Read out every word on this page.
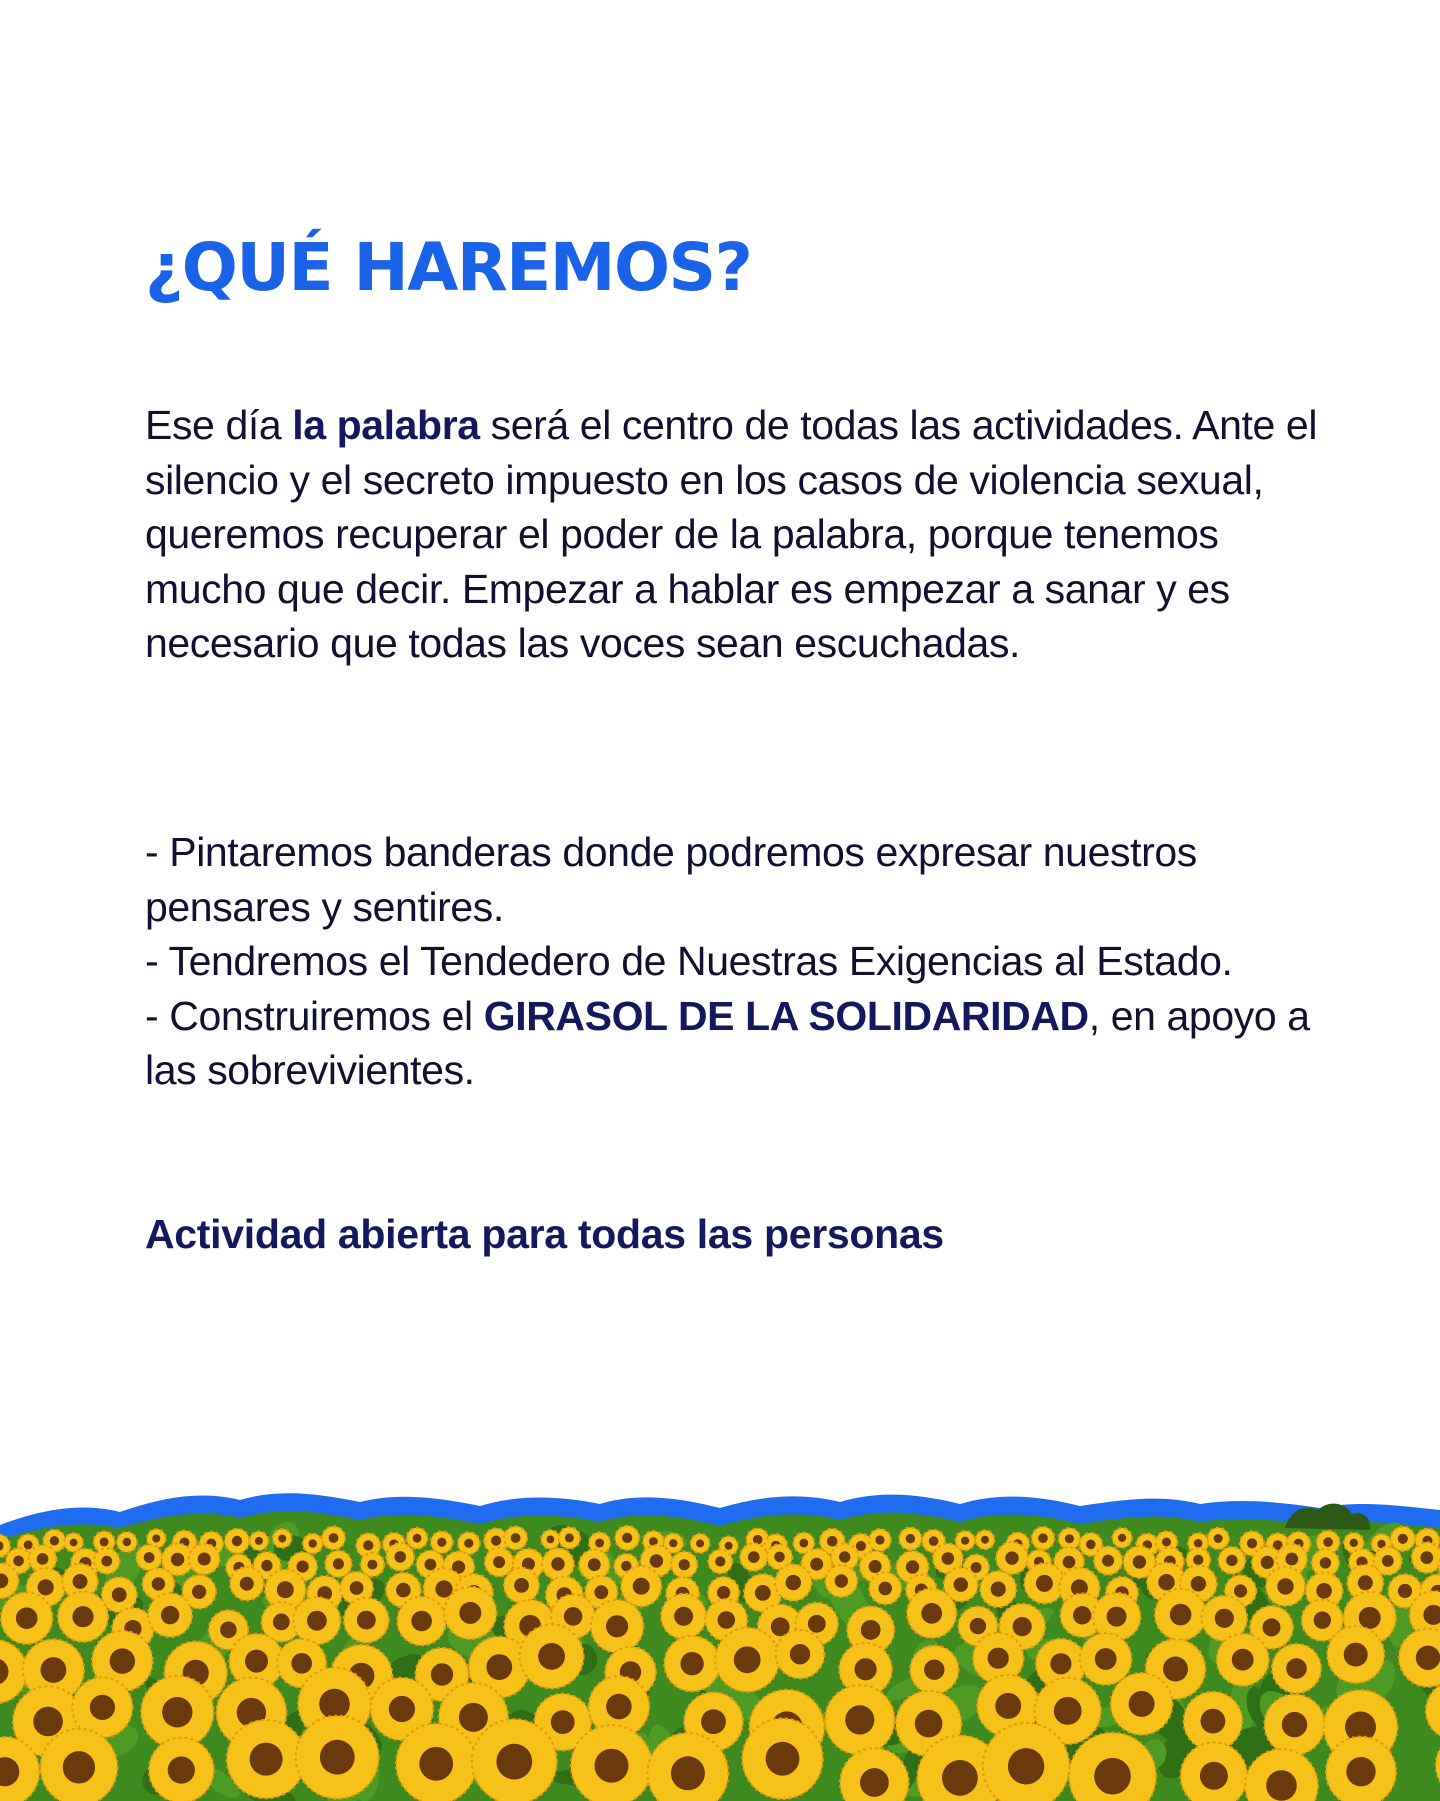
¿QUÉ HAREMOS?

Ese día la palabra será el centro de todas las actividades. Ante el silencio y el secreto impuesto en los casos de violencia sexual, queremos recuperar el poder de la palabra, porque tenemos mucho que decir. Empezar a hablar es empezar a sanar y es necesario que todas las voces sean escuchadas.

- Pintaremos banderas donde podremos expresar nuestros pensares y sentires.
- Tendremos el Tendedero de Nuestras Exigencias al Estado.
- Construiremos el GIRASOL DE LA SOLIDARIDAD, en apoyo a las sobrevivientes.

Actividad abierta para todas las personas
